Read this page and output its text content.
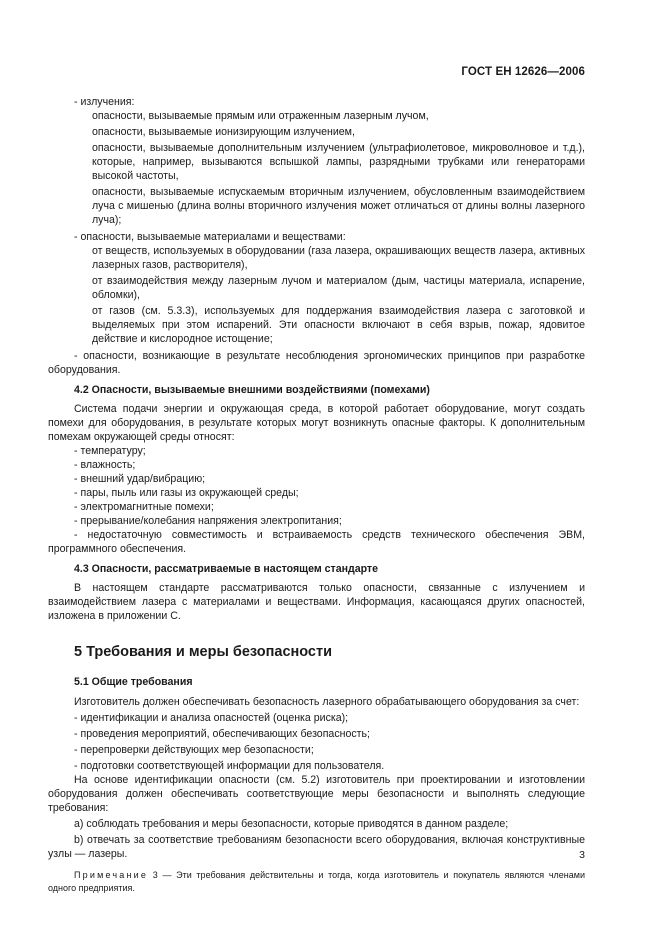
ГОСТ ЕН 12626—2006

- излучения:

опасности, вызываемые прямым или отраженным лазерным лучом,

опасности, вызываемые ионизирующим излучением,

опасности, вызываемые дополнительным излучением (ультрафиолетовое, микроволновое и т.д.), которые, например, вызываются вспышкой лампы, разрядными трубками или генераторами высокой частоты,

опасности, вызываемые испускаемым вторичным излучением, обусловленным взаимодействием луча с мишенью (длина волны вторичного излучения может отличаться от длины волны лазерного луча);

- опасности, вызываемые материалами и веществами:

от веществ, используемых в оборудовании (газа лазера, окрашивающих веществ лазера, активных лазерных газов, растворителя),

от взаимодействия между лазерным лучом и материалом (дым, частицы материала, испарение, обломки),

от газов (см. 5.3.3), используемых для поддержания взаимодействия лазера с заготовкой и выделяемых при этом испарений. Эти опасности включают в себя взрыв, пожар, ядовитое действие и кислородное истощение;

- опасности, возникающие в результате несоблюдения эргономических принципов при разработке оборудования.

4.2 Опасности, вызываемые внешними воздействиями (помехами)

Система подачи энергии и окружающая среда, в которой работает оборудование, могут создать помехи для оборудования, в результате которых могут возникнуть опасные факторы. К дополнительным помехам окружающей среды относят:

- температуру;

- влажность;

- внешний удар/вибрацию;

- пары, пыль или газы из окружающей среды;

- электромагнитные помехи;

- прерывание/колебания напряжения электропитания;

- недостаточную совместимость и встраиваемость средств технического обеспечения ЭВМ, программного обеспечения.

4.3 Опасности, рассматриваемые в настоящем стандарте

В настоящем стандарте рассматриваются только опасности, связанные с излучением и взаимодействием лазера с материалами и веществами. Информация, касающаяся других опасностей, изложена в приложении С.

5 Требования и меры безопасности

5.1 Общие требования

Изготовитель должен обеспечивать безопасность лазерного обрабатывающего оборудования за счет:

- идентификации и анализа опасностей (оценка риска);

- проведения мероприятий, обеспечивающих безопасность;

- перепроверки действующих мер безопасности;

- подготовки соответствующей информации для пользователя.

На основе идентификации опасности (см. 5.2) изготовитель при проектировании и изготовлении оборудования должен обеспечивать соответствующие меры безопасности и выполнять следующие требования:

а) соблюдать требования и меры безопасности, которые приводятся в данном разделе;

b) отвечать за соответствие требованиям безопасности всего оборудования, включая конструктивные узлы — лазеры.

Примечание 3 — Эти требования действительны и тогда, когда изготовитель и покупатель являются членами одного предприятия.

3
